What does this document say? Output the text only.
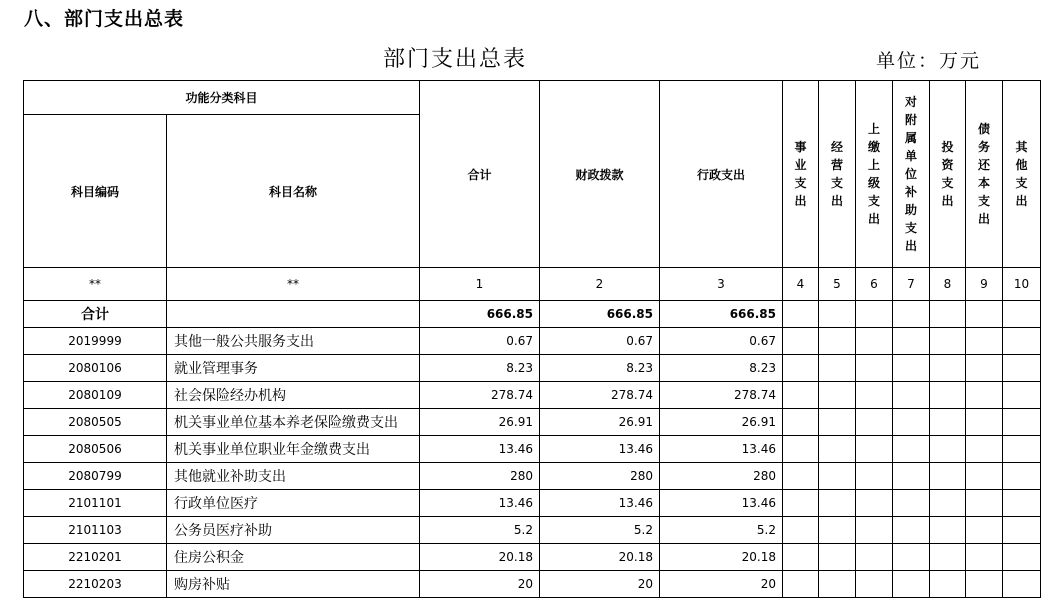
八、部门支出总表
部门支出总表	单位：万元
功能分类科目		合计	财政拨款	行政支出	事业支出	经营支出	上缴上级支出	对附属单位补助支出	投资支出	债务还本支出	其他支出
科目编码	科目名称										
**	**	1	2	3	4	5	6	7	8	9	10
合计		666.85	666.85	666.85							
2019999	其他一般公共服务支出	0.67	0.67	0.67							
2080106	就业管理事务	8.23	8.23	8.23							
2080109	社会保险经办机构	278.74	278.74	278.74							
2080505	机关事业单位基本养老保险缴费支出	26.91	26.91	26.91							
2080506	机关事业单位职业年金缴费支出	13.46	13.46	13.46							
2080799	其他就业补助支出	280	280	280							
2101101	行政单位医疗	13.46	13.46	13.46							
2101103	公务员医疗补助	5.2	5.2	5.2							
2210201	住房公积金	20.18	20.18	20.18							
2210203	购房补贴	20	20	20							
